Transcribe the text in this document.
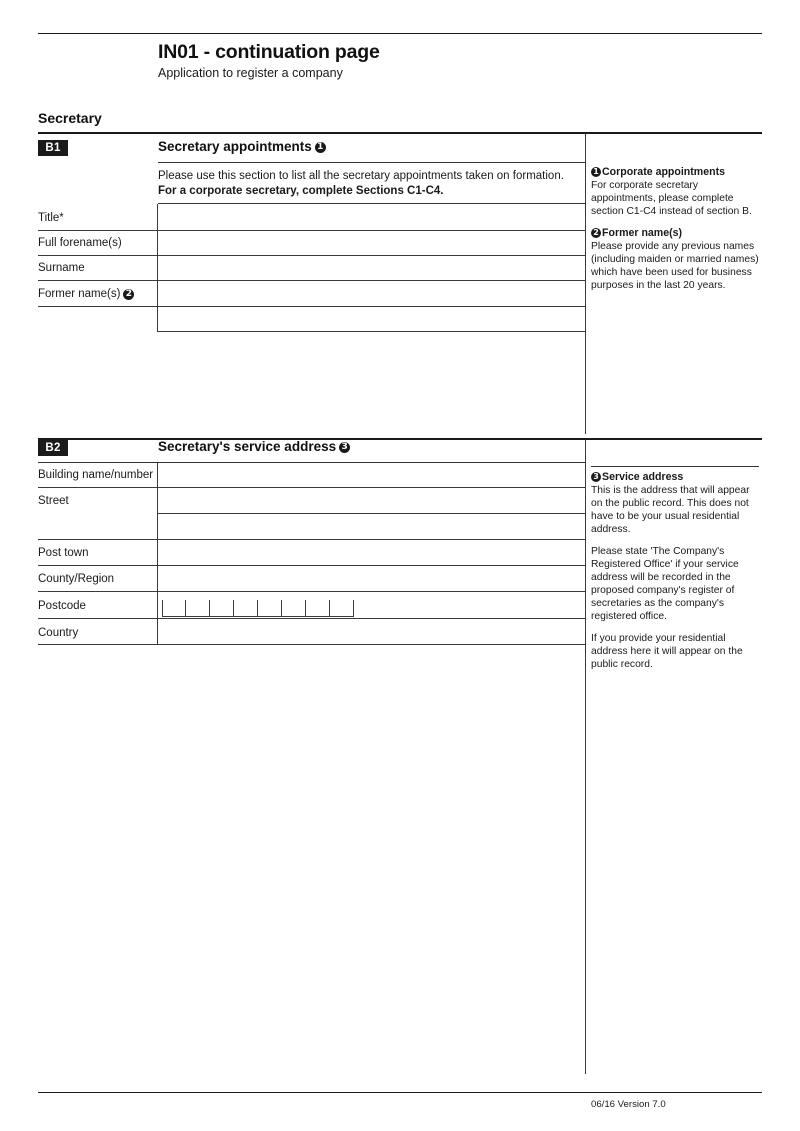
IN01 - continuation page
Application to register a company
Secretary
B1	Secretary appointments 1
Please use this section to list all the secretary appointments taken on formation.
For a corporate secretary, complete Sections C1-C4.
Title*
Full forename(s)
Surname
Former name(s) 2

1 Corporate appointments
For corporate secretary appointments, please complete section C1-C4 instead of section B.

2 Former name(s)
Please provide any previous names (including maiden or married names) which have been used for business purposes in the last 20 years.

B2	Secretary's service address 3
Building name/number
Street
Post town
County/Region
Postcode
Country

3 Service address
This is the address that will appear on the public record. This does not have to be your usual residential address.

Please state 'The Company's Registered Office' if your service address will be recorded in the proposed company's register of secretaries as the company's registered office.

If you provide your residential address here it will appear on the public record.

06/16 Version 7.0
